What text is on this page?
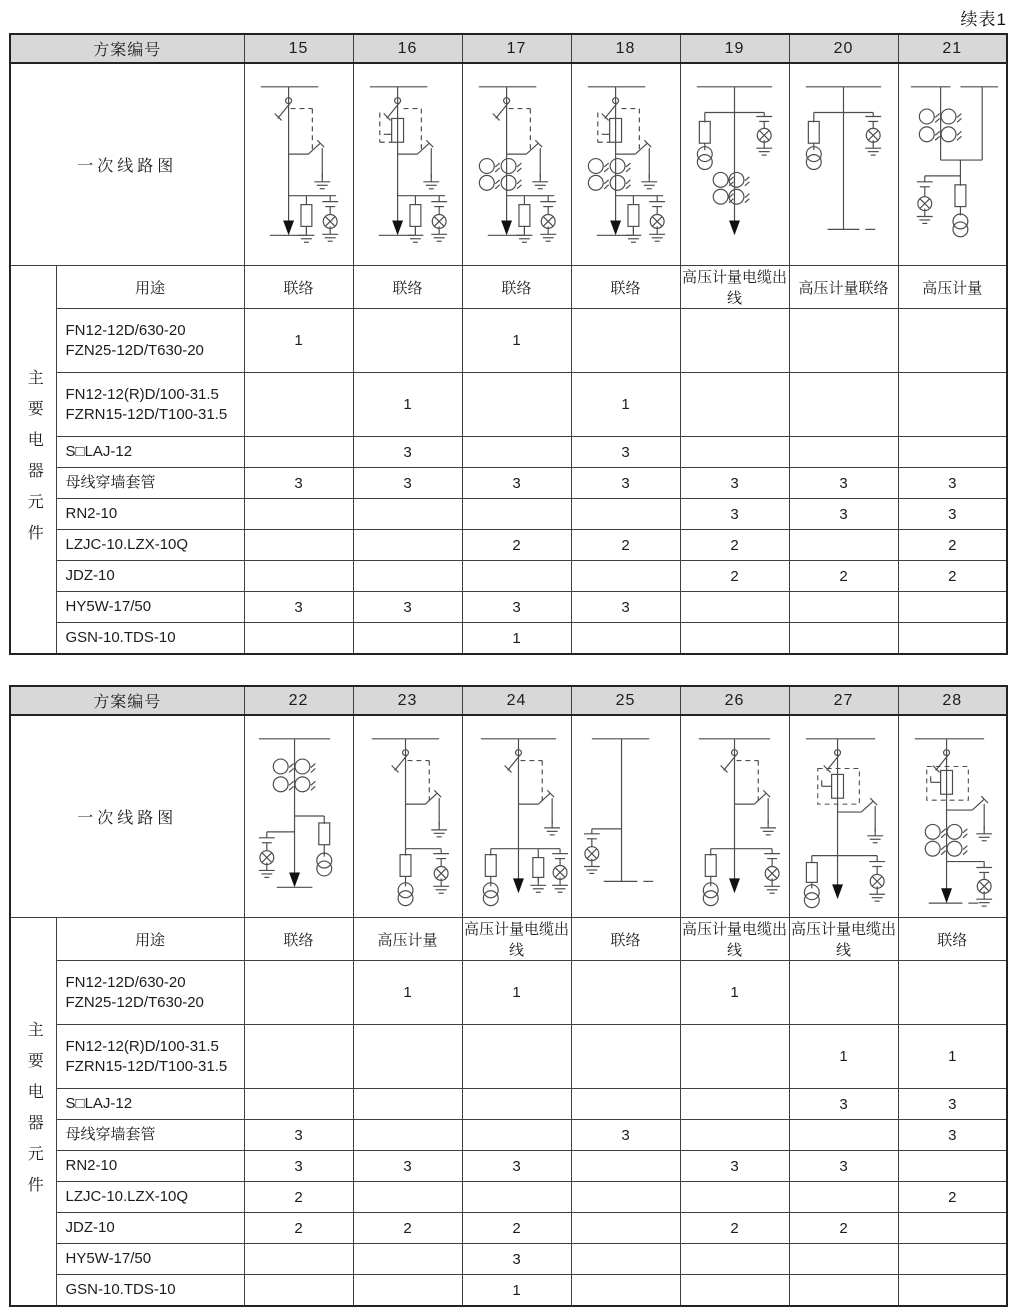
续表1
方案编号		15	16	17	18	19	20	21
一次线路图	

主要电器元件	用途	联络	联络	联络	联络	高压计量电缆出线	高压计量联络	高压计量

	FN12-12D/630-20
FZN25-12D/T630-20	1		1				

	FN12-12(R)D/100-31.5
FZRN15-12D/T100-31.5		1		1			

	S□LAJ-12		3		3			

	母线穿墙套管	3	3	3	3	3	3	3

	RN2-10					3	3	3

	LZJC-10.LZX-10Q			2	2	2		2

	JDZ-10					2	2	2

	HY5W-17/50	3	3	3	3			

	GSN-10.TDS-10			1				
方案编号		22	23	24	25	26	27	28
一次线路图	

主要电器元件	用途	联络	高压计量	高压计量电缆出线	联络	高压计量电缆出线	高压计量电缆出线	联络

	FN12-12D/630-20
FZN25-12D/T630-20		1	1		1		

	FN12-12(R)D/100-31.5
FZRN15-12D/T100-31.5						1	1

	S□LAJ-12						3	3

	母线穿墙套管	3			3			3

	RN2-10	3	3	3		3	3	

	LZJC-10.LZX-10Q	2						2

	JDZ-10	2	2	2		2	2	

	HY5W-17/50			3				

	GSN-10.TDS-10			1				
